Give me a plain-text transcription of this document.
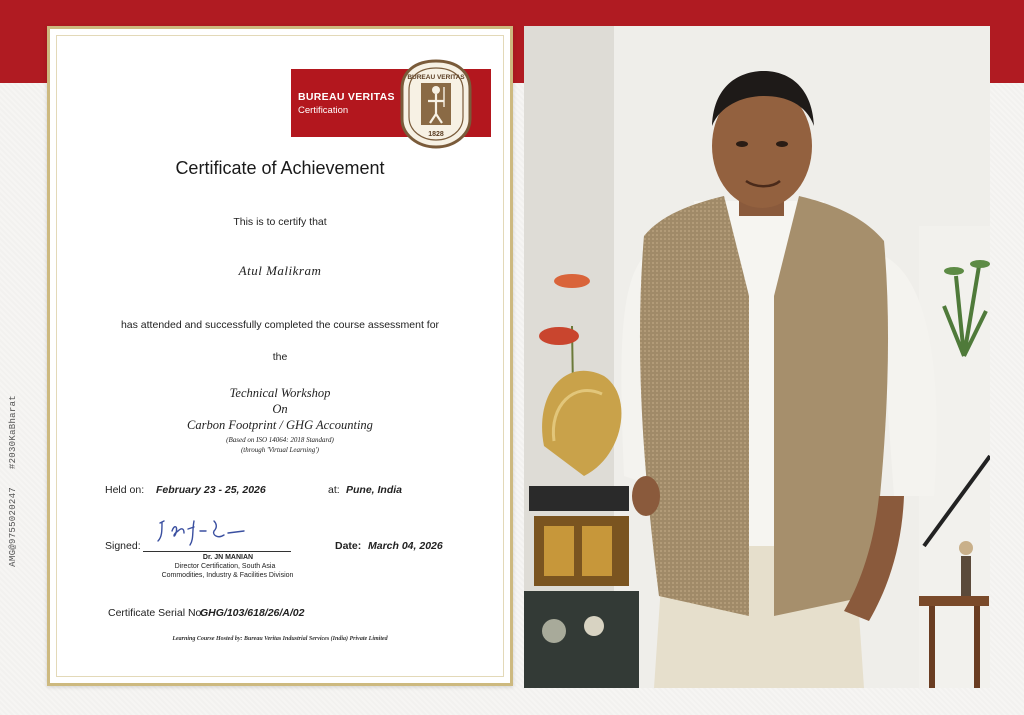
#2030KaBharat
AMG@9755020247
BUREAU VERITAS
Certification
BUREAU VERITAS
1828
Certificate of Achievement
This is to certify that
Atul Malikram
has attended and successfully completed the course assessment for
the
Technical Workshop
On
Carbon Footprint / GHG Accounting
(Based on ISO 14064: 2018 Standard)
(through 'Virtual Learning')
Held on: February 23 - 25, 2026	at: Pune, India
Signed:
Dr. JN MANIAN
Director Certification, South Asia
Commodities, Industry & Facilities Division
Date: March 04, 2026
Certificate Serial No:
GHG/103/618/26/A/02
Learning Course Hosted by: Bureau Veritas Industrial Services (India) Private Limited
